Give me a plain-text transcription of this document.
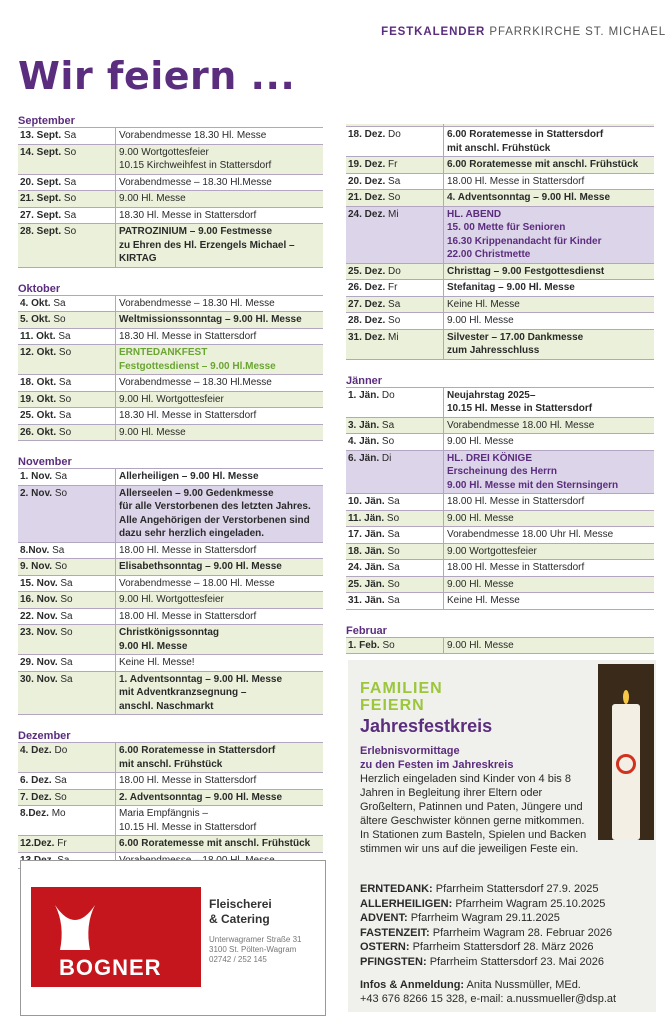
FESTKALENDER PFARRKIRCHE ST. MICHAEL
Wir feiern ...
September
13. Sept. Sa	Vorabendmesse 18.30 Hl. Messe
14. Sept. So	9.00 Wortgottesfeier
10.15 Kirchweihfest in Stattersdorf
20. Sept. Sa	Vorabendmesse – 18.30 Hl.Messe
21. Sept. So	9.00 Hl. Messe
27. Sept. Sa	18.30 Hl. Messe in Stattersdorf
28. Sept. So	PATROZINIUM – 9.00 Festmesse
zu Ehren des Hl. Erzengels Michael –
KIRTAG
Oktober
4. Okt. Sa	Vorabendmesse – 18.30 Hl. Messe
5. Okt. So	Weltmissionssonntag – 9.00 Hl. Messe
11. Okt. Sa	18.30 Hl. Messe in Stattersdorf
12. Okt. So	ERNTEDANKFEST
Festgottesdienst – 9.00 Hl.Messe
18. Okt. Sa	Vorabendmesse – 18.30 Hl.Messe
19. Okt. So	9.00 Hl. Wortgottesfeier
25. Okt. Sa	18.30 Hl. Messe in Stattersdorf
26. Okt. So	9.00 Hl. Messe
November
1. Nov. Sa	Allerheiligen – 9.00 Hl. Messe
2. Nov. So	Allerseelen – 9.00 Gedenkmesse
für alle Verstorbenen des letzten Jahres.
Alle Angehörigen der Verstorbenen sind
dazu sehr herzlich eingeladen.
8.Nov. Sa	18.00 Hl. Messe in Stattersdorf
9. Nov. So	Elisabethsonntag – 9.00 Hl. Messe
15. Nov. Sa	Vorabendmesse – 18.00 Hl. Messe
16. Nov. So	9.00 Hl. Wortgottesfeier
22. Nov. Sa	18.00 Hl. Messe in Stattersdorf
23. Nov. So	Christkönigssonntag
9.00 Hl. Messe
29. Nov. Sa	Keine Hl. Messe!
30. Nov. Sa	1. Adventsonntag – 9.00 Hl. Messe
mit Adventkranzsegnung –
anschl. Naschmarkt
Dezember
4. Dez. Do	6.00 Roratemesse in Stattersdorf
mit anschl. Frühstück
6. Dez. Sa	18.00 Hl. Messe in Stattersdorf
7. Dez. So	2. Adventsonntag – 9.00 Hl. Messe
8.Dez. Mo	Maria Empfängnis –
10.15 Hl. Messe in Stattersdorf
12.Dez. Fr	6.00 Roratemesse mit anschl. Frühstück
18. Dez. Do	6.00 Roratemesse in Stattersdorf
mit anschl. Frühstück
19. Dez. Fr	6.00 Roratemesse mit anschl. Frühstück
20. Dez. Sa	18.00 Hl. Messe in Stattersdorf
21. Dez. So	4. Adventsonntag – 9.00 Hl. Messe
24. Dez. Mi	HL. ABEND
15. 00 Mette für Senioren
16.30 Krippenandacht für Kinder
22.00 Christmette
25. Dez. Do	Christtag – 9.00 Festgottesdienst
26. Dez. Fr	Stefanitag – 9.00 Hl. Messe
27. Dez. Sa	Keine Hl. Messe
28. Dez. So	9.00 Hl. Messe
31. Dez. Mi	Silvester – 17.00 Dankmesse
zum Jahresschluss
Jänner
1. Jän. Do	Neujahrstag 2025–
10.15 Hl. Messe in Stattersdorf
3. Jän. Sa	Vorabendmesse 18.00 Hl. Messe
4. Jän. So	9.00 Hl. Messe
6. Jän. Di	HL. DREI KÖNIGE
Erscheinung des Herrn
9.00 Hl. Messe mit den Sternsingern
10. Jän. Sa	18.00 Hl. Messe in Stattersdorf
11. Jän. So	9.00 Hl. Messe
17. Jän. Sa	Vorabendmesse 18.00 Uhr Hl. Messe
18. Jän. So	9.00 Wortgottesfeier
24. Jän. Sa	18.00 Hl. Messe in Stattersdorf
25. Jän. So	9.00 Hl. Messe
31. Jän. Sa	Keine Hl. Messe
Februar
1. Feb. So	9.00 Hl. Messe
BOGNER
Fleischerei
& Catering
Unterwagramer Straße 31
3100 St. Pölten-Wagram
02742 / 252 145
FAMILIEN
FEIERN
Jahresfestkreis
Erlebnisvormittage
zu den Festen im Jahreskreis
Herzlich eingeladen sind Kinder von 4 bis 8 Jahren in Begleitung ihrer Eltern oder Großeltern, Patinnen und Paten, Jüngere und ältere Geschwister können gerne mitkommen. In Stationen zum Basteln, Spielen und Backen stimmen wir uns auf die jeweiligen Feste ein.
ERNTEDANK: Pfarrheim Stattersdorf 27.9. 2025
ALLERHEILIGEN: Pfarrheim Wagram 25.10.2025
ADVENT: Pfarrheim Wagram 29.11.2025
FASTENZEIT: Pfarrheim Wagram 28. Februar 2026
OSTERN: Pfarrheim Stattersdorf 28. März 2026
PFINGSTEN: Pfarrheim Stattersdorf 23. Mai 2026
Infos & Anmeldung: Anita Nussmüller, MEd.
+43 676 8266 15 328, e-mail: a.nussmueller@dsp.at
